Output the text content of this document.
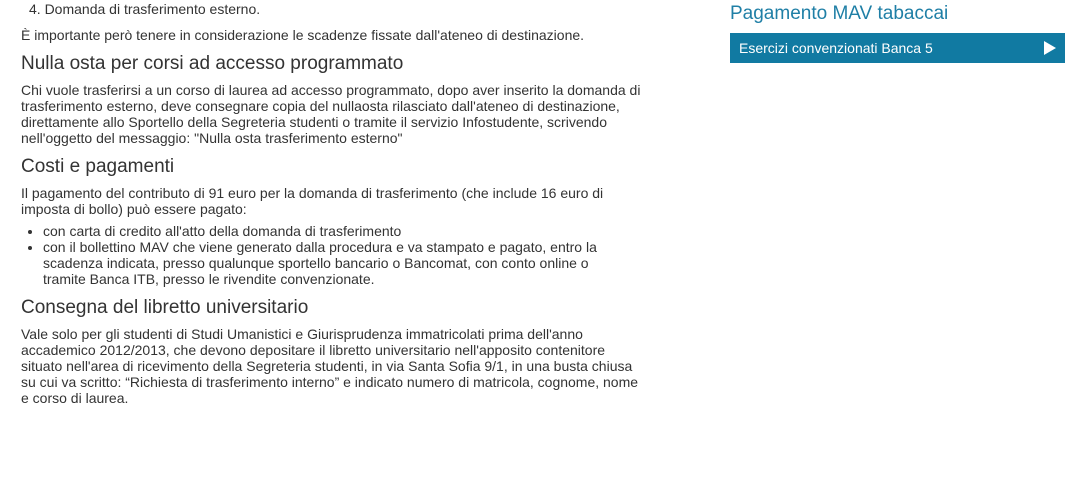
4. Domanda di trasferimento esterno.

È importante però tenere in considerazione le scadenze fissate dall'ateneo di destinazione.

Nulla osta per corsi ad accesso programmato

Chi vuole trasferirsi a un corso di laurea ad accesso programmato, dopo aver inserito la domanda di
trasferimento esterno, deve consegnare copia del nullaosta rilasciato dall'ateneo di destinazione,
direttamente allo Sportello della Segreteria studenti o tramite il servizio Infostudente, scrivendo
nell'oggetto del messaggio: "Nulla osta trasferimento esterno"

Costi e pagamenti

Il pagamento del contributo di 91 euro per la domanda di trasferimento (che include 16 euro di
imposta di bollo) può essere pagato:

• con carta di credito all'atto della domanda di trasferimento
• con il bollettino MAV che viene generato dalla procedura e va stampato e pagato, entro la
scadenza indicata, presso qualunque sportello bancario o Bancomat, con conto online o
tramite Banca ITB, presso le rivendite convenzionate.
Consegna del libretto universitario

Vale solo per gli studenti di Studi Umanistici e Giurisprudenza immatricolati prima dell'anno
accademico 2012/2013, che devono depositare il libretto universitario nell'apposito contenitore
situato nell'area di ricevimento della Segreteria studenti, in via Santa Sofia 9/1, in una busta chiusa
su cui va scritto: “Richiesta di trasferimento interno” e indicato numero di matricola, cognome, nome
e corso di laurea.

Pagamento MAV tabaccai
Esercizi convenzionati Banca 5
